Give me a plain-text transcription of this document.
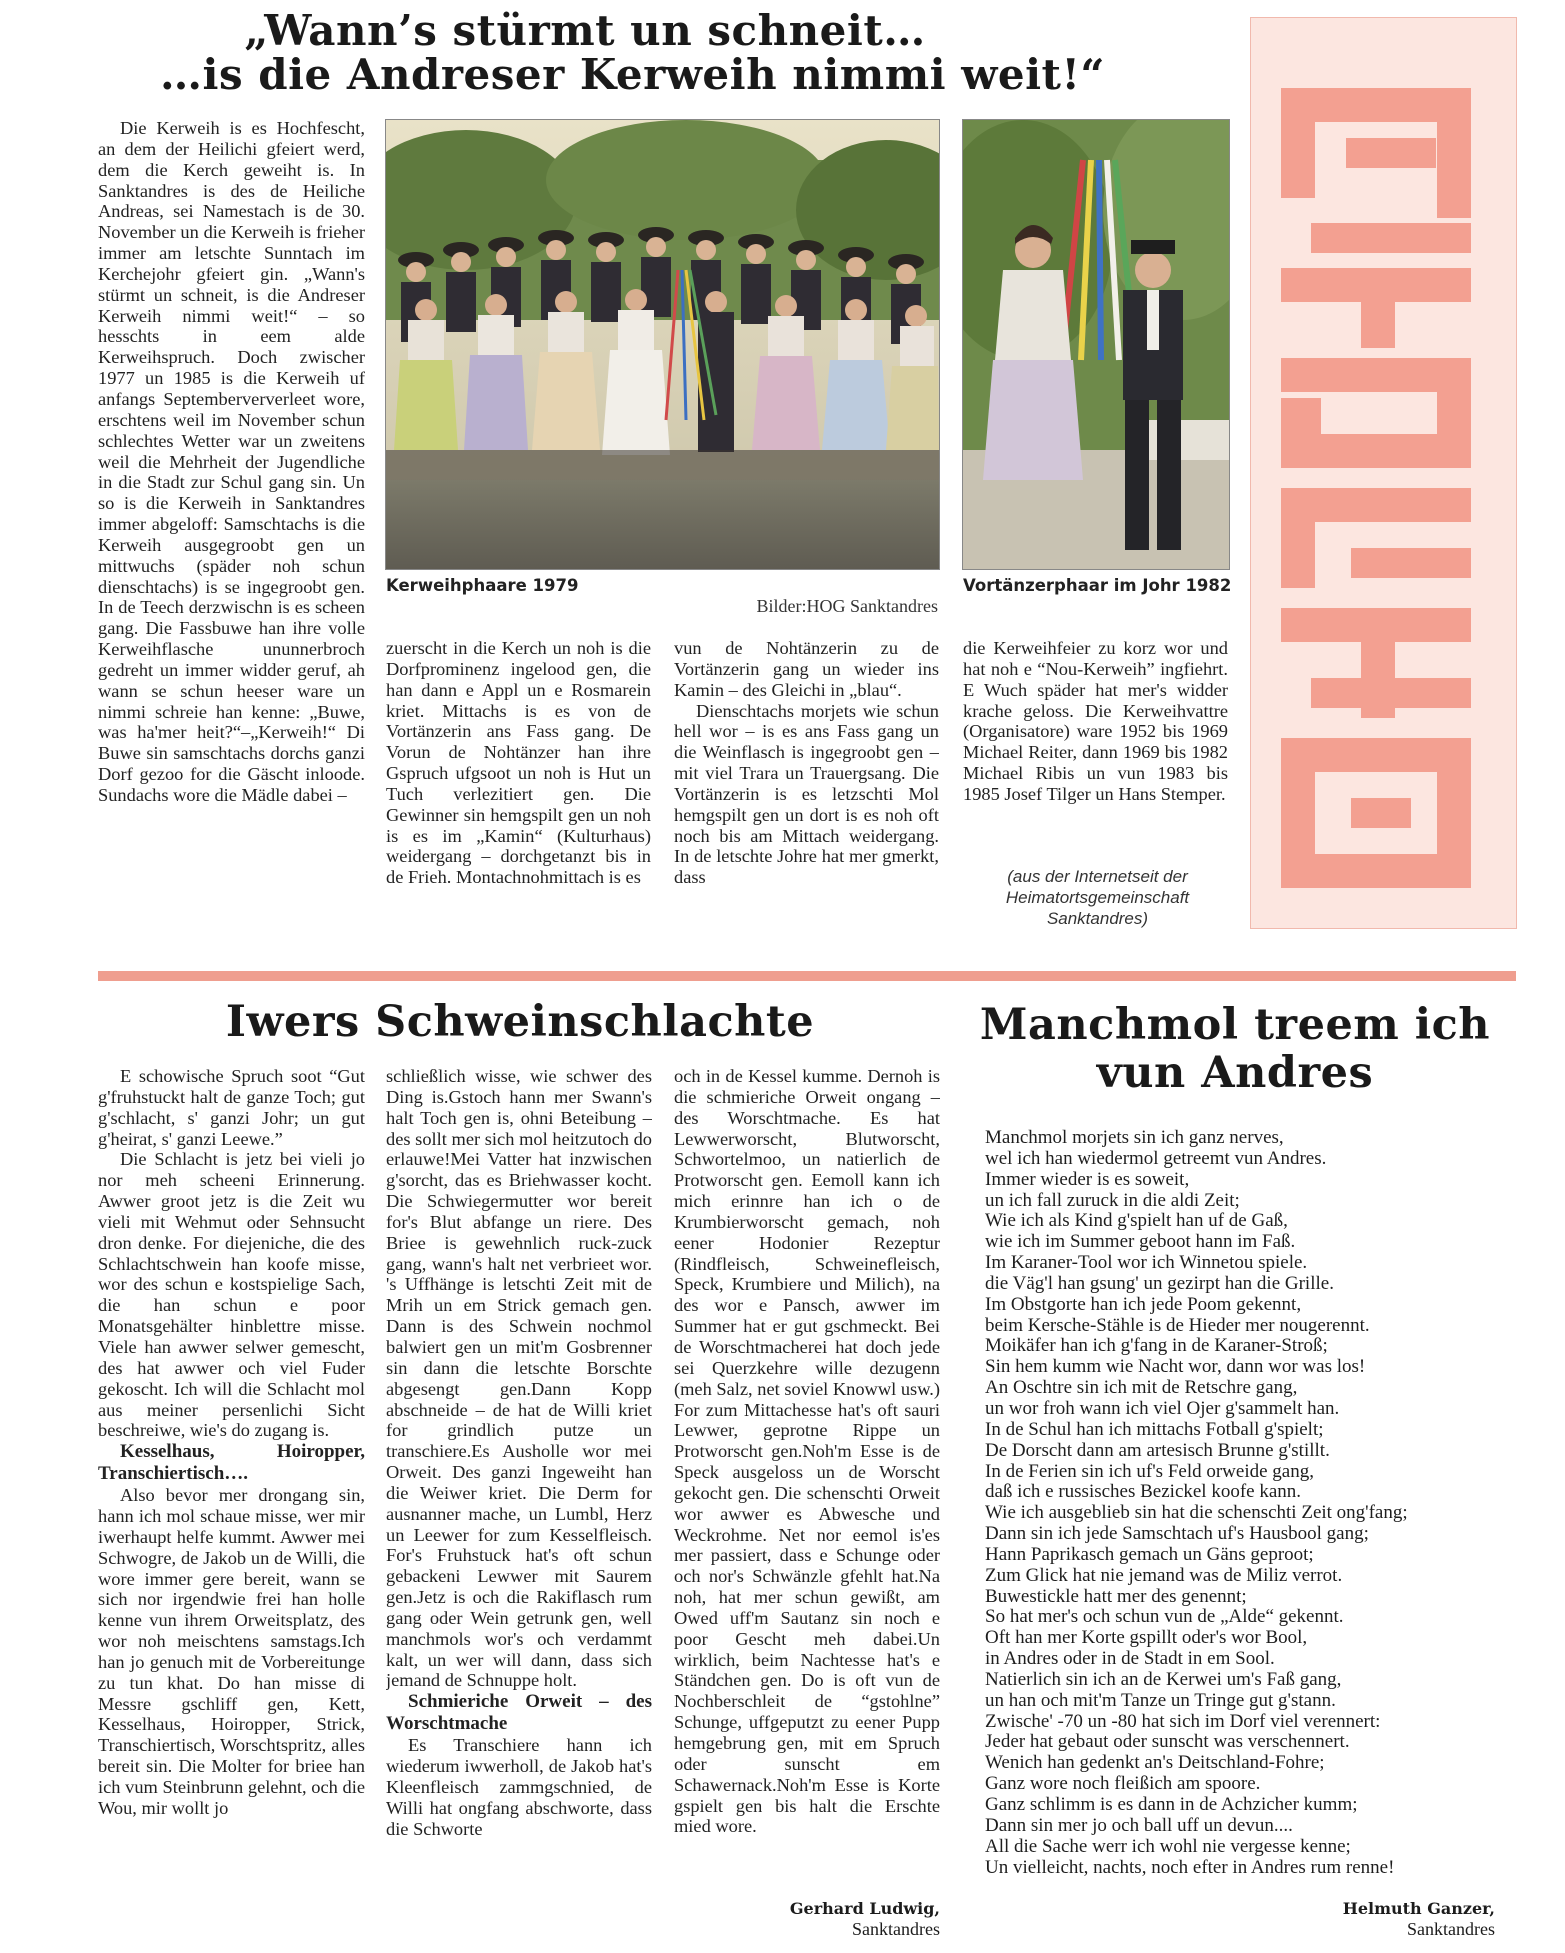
„Wann’s stürmt un schneit…
…is die Andreser Kerweih nimmi weit!“

Die Kerweih is es Hochfescht, an dem der Heilichi gfeiert werd, dem die Kerch geweiht is. In Sanktandres is des de Heiliche Andreas, sei Namestach is de 30. November un die Kerweih is frieher immer am letschte Sunntach im Kerchejohr gfeiert gin. „Wann's stürmt un schneit, is die Andreser Kerweih nimmi weit!“ – so hesschts in eem alde Kerweihspruch. Doch zwischer 1977 un 1985 is die Kerweih uf anfangs Septemberververleet wore, erschtens weil im November schun schlechtes Wetter war un zweitens weil die Mehrheit der Jugendliche in die Stadt zur Schul gang sin. Un so is die Kerweih in Sanktandres immer abgeloff: Samschtachs is die Kerweih ausgegroobt gen un mittwuchs (späder noh schun dienschtachs) is se ingegroobt gen. In de Teech derzwischn is es scheen gang. Die Fassbuwe han ihre volle Kerweihflasche ununnerbroch gedreht un immer widder geruf, ah wann se schun heeser ware un nimmi schreie han kenne: „Buwe, was ha'mer heit?“–„Kerweih!“ Di Buwe sin samschtachs dorchs ganzi Dorf gezoo for die Gäscht inloode. Sundachs wore die Mädle dabei –

Kerweihphaare 1979
Bilder:HOG Sanktandres
Vortänzerphaar im Johr 1982

zuerscht in die Kerch un noh is die Dorfprominenz ingelood gen, die han dann e Appl un e Rosmarein kriet. Mittachs is es von de Vortänzerin ans Fass gang. De Vorun de Nohtänzer han ihre Gspruch ufgsoot un noh is Hut un Tuch verlezitiert gen. Die Gewinner sin hemgspilt gen un noh is es im „Kamin“ (Kulturhaus) weidergang – dorchgetanzt bis in de Frieh. Montachnohmittach is es

vun de Nohtänzerin zu de Vortänzerin gang un wieder ins Kamin – des Gleichi in „blau“.

Dienschtachs morjets wie schun hell wor – is es ans Fass gang un die Weinflasch is ingegroobt gen – mit viel Trara un Trauergsang. Die Vortänzerin is es letzschti Mol hemgspilt gen un dort is es noh oft noch bis am Mittach weidergang. In de letschte Johre hat mer gmerkt, dass

die Kerweihfeier zu korz wor und hat noh e “Nou-Kerweih” ingfiehrt. E Wuch späder hat mer's widder krache geloss. Die Kerweihvattre (Organisatore) ware 1952 bis 1969 Michael Reiter, dann 1969 bis 1982 Michael Ribis un vun 1983 bis 1985 Josef Tilger un Hans Stemper.

(aus der Internetseit der Heimatortsgemeinschaft Sanktandres)
Iwers Schweinschlachte

E schowische Spruch soot “Gut g'fruhstuckt halt de ganze Toch; gut g'schlacht, s' ganzi Johr; un gut g'heirat, s' ganzi Leewe.”

Die Schlacht is jetz bei vieli jo nor meh scheeni Erinnerung. Awwer groot jetz is die Zeit wu vieli mit Wehmut oder Sehnsucht dron denke. For diejeniche, die des Schlachtschwein han koofe misse, wor des schun e kostspielige Sach, die han schun e poor Monatsgehälter hinblettre misse. Viele han awwer selwer gemescht, des hat awwer och viel Fuder gekoscht. Ich will die Schlacht mol aus meiner persenlichi Sicht beschreiwe, wie's do zugang is.

Kesselhaus, Hoiropper, Transchiertisch….

Also bevor mer drongang sin, hann ich mol schaue misse, wer mir iwerhaupt helfe kummt. Awwer mei Schwogre, de Jakob un de Willi, die wore immer gere bereit, wann se sich nor irgendwie frei han holle kenne vun ihrem Orweitsplatz, des wor noh meischtens samstags.Ich han jo genuch mit de Vorbereitunge zu tun khat. Do han misse di Messre gschliff gen, Kett, Kesselhaus, Hoiropper, Strick, Transchiertisch, Worschtspritz, alles bereit sin. Die Molter for briee han ich vum Steinbrunn gelehnt, och die Wou, mir wollt jo

schließlich wisse, wie schwer des Ding is.Gstoch hann mer Swann's halt Toch gen is, ohni Beteibung – des sollt mer sich mol heitzutoch do erlauwe!Mei Vatter hat inzwischen g'sorcht, das es Briehwasser kocht. Die Schwiegermutter wor bereit for's Blut abfange un riere. Des Briee is gewehnlich ruck-zuck gang, wann's halt net verbrieet wor. 's Uffhänge is letschti Zeit mit de Mrih un em Strick gemach gen. Dann is des Schwein nochmol balwiert gen un mit'm Gosbrenner sin dann die letschte Borschte abgesengt gen.Dann Kopp abschneide – de hat de Willi kriet for grindlich putze un transchiere.Es Ausholle wor mei Orweit. Des ganzi Ingeweiht han die Weiwer kriet. Die Derm for ausnanner mache, un Lumbl, Herz un Leewer for zum Kesselfleisch. For's Fruhstuck hat's oft schun gebackeni Lewwer mit Saurem gen.Jetz is och die Rakiflasch rum gang oder Wein getrunk gen, well manchmols wor's och verdammt kalt, un wer will dann, dass sich jemand de Schnuppe holt.

Schmieriche Orweit – des Worschtmache

Es Transchiere hann ich wiederum iwwerholl, de Jakob hat's Kleenfleisch zammgschnied, de Willi hat ongfang abschworte, dass die Schworte

och in de Kessel kumme. Dernoh is die schmieriche Orweit ongang – des Worschtmache. Es hat Lewwerworscht, Blutworscht, Schwortelmoo, un natierlich de Protworscht gen. Eemoll kann ich mich erinnre han ich o de Krumbierworscht gemach, noh eener Hodonier Rezeptur (Rindfleisch, Schweinefleisch, Speck, Krumbiere und Milich), na des wor e Pansch, awwer im Summer hat er gut gschmeckt. Bei de Worschtmacherei hat doch jede sei Querzkehre wille dezugenn (meh Salz, net soviel Knowwl usw.) For zum Mittachesse hat's oft sauri Lewwer, geprotne Rippe un Protworscht gen.Noh'm Esse is de Speck ausgeloss un de Worscht gekocht gen. Die schenschti Orweit wor awwer es Abwesche und Weckrohme. Net nor eemol is'es mer passiert, dass e Schunge oder och nor's Schwänzle gfehlt hat.Na noh, hat mer schun gewißt, am Owed uff'm Sautanz sin noch e poor Gescht meh dabei.Un wirklich, beim Nachtesse hat's e Ständchen gen. Do is oft vun de Nochberschleit de “gstohlne” Schunge, uffgeputzt zu eener Pupp hemgebrung gen, mit em Spruch oder sunscht em Schawernack.Noh'm Esse is Korte gspielt gen bis halt die Erschte mied wore.

Gerhard Ludwig,
Sanktandres
Manchmol treem ich
vun Andres
Manchmol morjets sin ich ganz nerves,
wel ich han wiedermol getreemt vun Andres.
Immer wieder is es soweit,
un ich fall zuruck in die aldi Zeit;
Wie ich als Kind g'spielt han uf de Gaß,
wie ich im Summer geboot hann im Faß.
Im Karaner-Tool wor ich Winnetou spiele.
die Väg'l han gsung' un gezirpt han die Grille.
Im Obstgorte han ich jede Poom gekennt,
beim Kersche-Stähle is de Hieder mer nougerennt.
Moikäfer han ich g'fang in de Karaner-Stroß;
Sin hem kumm wie Nacht wor, dann wor was los!
An Oschtre sin ich mit de Retschre gang,
un wor froh wann ich viel Ojer g'sammelt han.
In de Schul han ich mittachs Fotball g'spielt;
De Dorscht dann am artesisch Brunne g'stillt.
In de Ferien sin ich uf's Feld orweide gang,
daß ich e russisches Bezickel koofe kann.
Wie ich ausgeblieb sin hat die schenschti Zeit ong'fang;
Dann sin ich jede Samschtach uf's Hausbool gang;
Hann Paprikasch gemach un Gäns geproot;
Zum Glick hat nie jemand was de Miliz verrot.
Buwestickle hatt mer des genennt;
So hat mer's och schun vun de „Alde“ gekennt.
Oft han mer Korte gspillt oder's wor Bool,
in Andres oder in de Stadt in em Sool.
Natierlich sin ich an de Kerwei um's Faß gang,
un han och mit'm Tanze un Tringe gut g'stann.
Zwische' -70 un -80 hat sich im Dorf viel verennert:
Jeder hat gebaut oder sunscht was verschennert.
Wenich han gedenkt an's Deitschland-Fohre;
Ganz wore noch fleißich am spoore.
Ganz schlimm is es dann in de Achzicher kumm;
Dann sin mer jo och ball uff un devun....
All die Sache werr ich wohl nie vergesse kenne;
Un vielleicht, nachts, noch efter in Andres rum renne!
Helmuth Ganzer,
Sanktandres
